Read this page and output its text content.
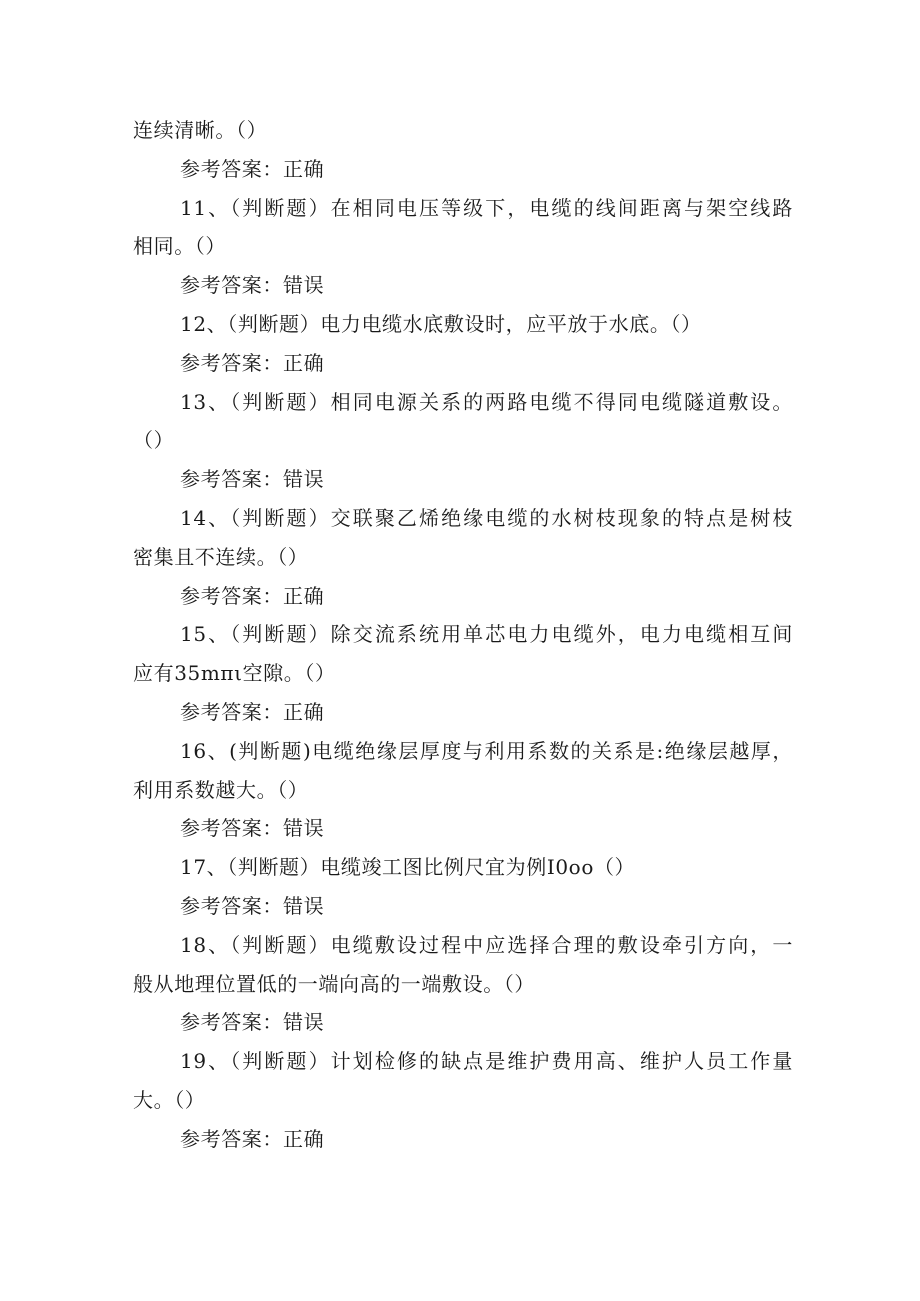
连续清晰。（）
参考答案：正确
11、（判断题）在相同电压等级下，电缆的线间距离与架空线路
相同。（）
参考答案：错误
12、（判断题）电力电缆水底敷设时，应平放于水底。（）
参考答案：正确
13、（判断题）相同电源关系的两路电缆不得同电缆隧道敷设。
（）
参考答案：错误
14、（判断题）交联聚乙烯绝缘电缆的水树枝现象的特点是树枝
密集且不连续。（）
参考答案：正确
15、（判断题）除交流系统用单芯电力电缆外，电力电缆相互间
应有35mπι空隙。（）
参考答案：正确
16、(判断题)电缆绝缘层厚度与利用系数的关系是:绝缘层越厚，
利用系数越大。（）
参考答案：错误
17、（判断题）电缆竣工图比例尺宜为例I0oo（）
参考答案：错误
18、（判断题）电缆敷设过程中应选择合理的敷设牵引方向，一
般从地理位置低的一端向高的一端敷设。（）
参考答案：错误
19、（判断题）计划检修的缺点是维护费用高、维护人员工作量
大。（）
参考答案：正确
